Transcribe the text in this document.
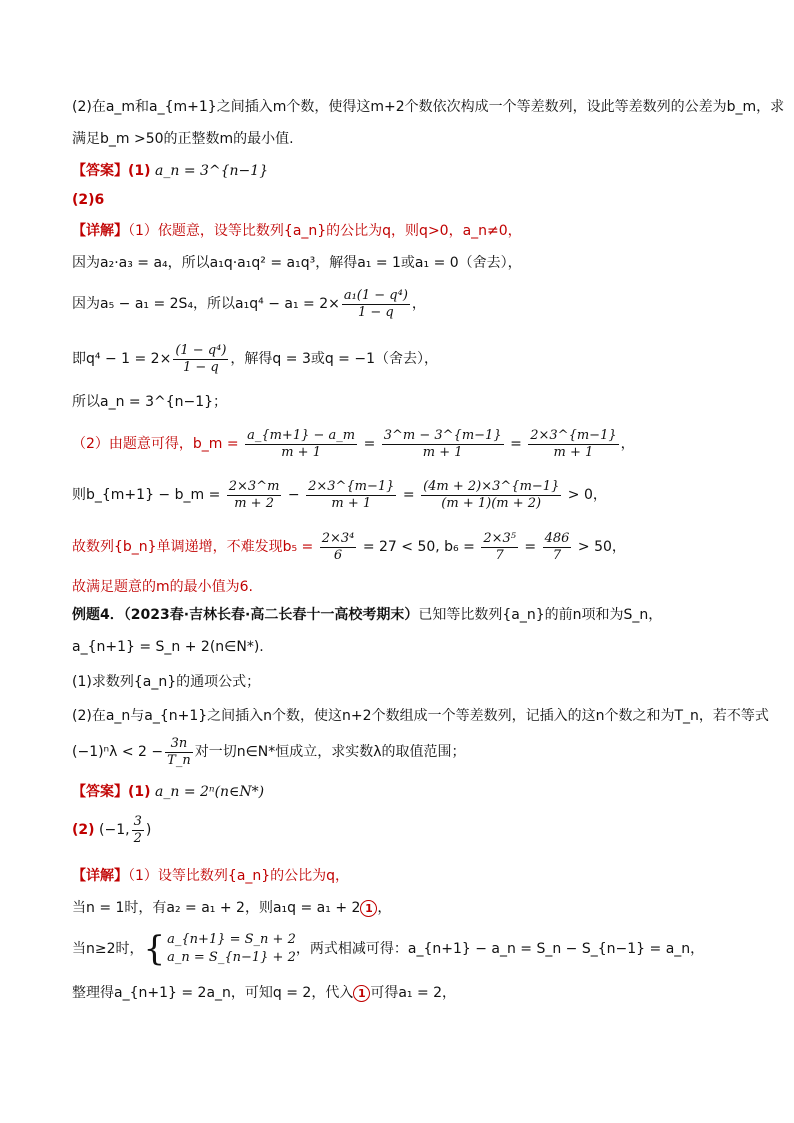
(2)在a_m和a_{m+1}之间插入m个数，使得这m+2个数依次构成一个等差数列，设此等差数列的公差为b_m，求
满足b_m >50的正整数m的最小值.
【答案】(1) a_n = 3^{n−1}
(2)6
【详解】（1）依题意，设等比数列{a_n}的公比为q，则q>0，a_n≠0，
因为a₂·a₃ = a₄，所以a₁q·a₁q² = a₁q³，解得a₁ = 1或a₁ = 0（舍去），
因为a₅ − a₁ = 2S₄，所以$a_1q^4 - a_1 = 2\times \frac{\text{a₁(1 − q⁴)}}{1 - q}$ ，
即$q^4 - 1 = 2\times \frac{\text{(1 − q⁴)}}{1 - q}$ ，解得q = 3或q = −1（舍去），
所以a_n = 3^{n−1}；
（2）由题意可得，b_m = $\frac{a\_\{m+1\} - a\_m}{m + 1} = \frac{3\^{}m - 3\^{}\{m-1\}}{m + 1} = \frac{2\times 3\^{}\{m-1\}}{m + 1}$ ，
则b_{m+1} − b_m = $\frac{2\times 3\^{}m}{m + 2} - \frac{2\times 3\^{}\{m-1\}}{m + 1} = \frac{(4m + 2)\times 3\^{}\{m-1\}}{(m + 1)(m + 2)} > 0$，
故数列{b_n}单调递增，不难发现$b_5 = \frac{\text{2×3⁴}}{6} = 27 < 50$, $b_6 = \frac{\text{2×3⁵}}{7} = \frac{486}{7} > 50$，
故满足题意的m的最小值为6.
例题4．（2023春·吉林长春·高二长春十一高校考期末）已知等比数列{a_n}的前n项和为S_n，
a_{n+1} = S_n + 2(n∈N*).
(1)求数列{a_n}的通项公式；
(2)在a_n与a_{n+1}之间插入n个数，使这n+2个数组成一个等差数列，记插入的这n个数之和为T_n，若不等式
$(-1)^n\lambda < 2 - \frac{3n}{T\_n}$ 对一切n∈N*恒成立，求实数λ的取值范围；
【答案】(1) a_n = 2ⁿ(n∈N*)
(2) (−1, $\frac{3}{2}$ )
【详解】（1）设等比数列{a_n}的公比为q，
当n = 1时，有a₂ = a₁ + 2，则a₁q = a₁ + 2 1 ，
当n≥2时，{ a_{n+1} = S_n + 2
a_n = S_{n−1} + 2
，两式相减可得：a_{n+1} − a_n = S_n − S_{n−1} = a_n，
整理得a_{n+1} = 2a_n，可知q = 2，代入 1 可得a₁ = 2，
